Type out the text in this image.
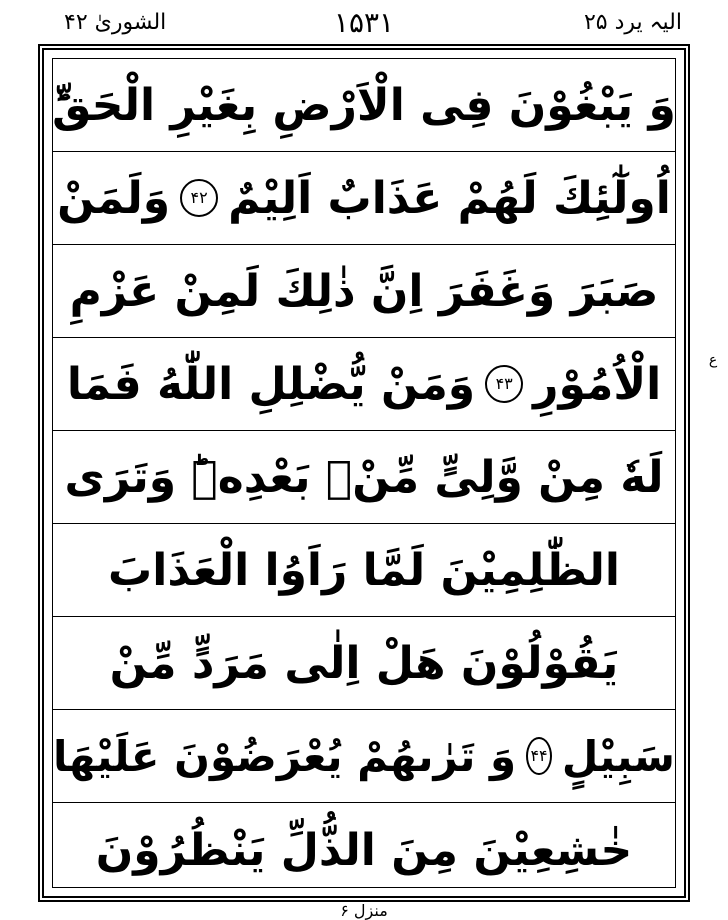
الشوریٰ ۴۲	۱۵۳۱	الیہ یرد ۲۵
وَ یَبْغُوْنَ فِی الْاَرْضِ بِغَیْرِ الْحَقِّؕ
اُولٰٓئِكَ لَهُمْ عَذَابٌ اَلِیْمٌ
۴۲
وَلَمَنْ
صَبَرَ وَغَفَرَ اِنَّ ذٰلِكَ لَمِنْ عَزْمِ
الْاُمُوْرِ
۴۳
وَمَنْ یُّضْلِلِ اللّٰهُ فَمَا
لَهٗ مِنْ وَّلِیٍّ مِّنْۢ بَعْدِهٖؕ وَتَرَی
الظّٰلِمِیْنَ لَمَّا رَاَوُا الْعَذَابَ
یَقُوْلُوْنَ هَلْ اِلٰی مَرَدٍّ مِّنْ
سَبِیْلٍ
۴۴
وَ تَرٰىهُمْ یُعْرَضُوْنَ عَلَیْهَا
خٰشِعِیْنَ مِنَ الذُّلِّ یَنْظُرُوْنَ
ع
منزل ۶
